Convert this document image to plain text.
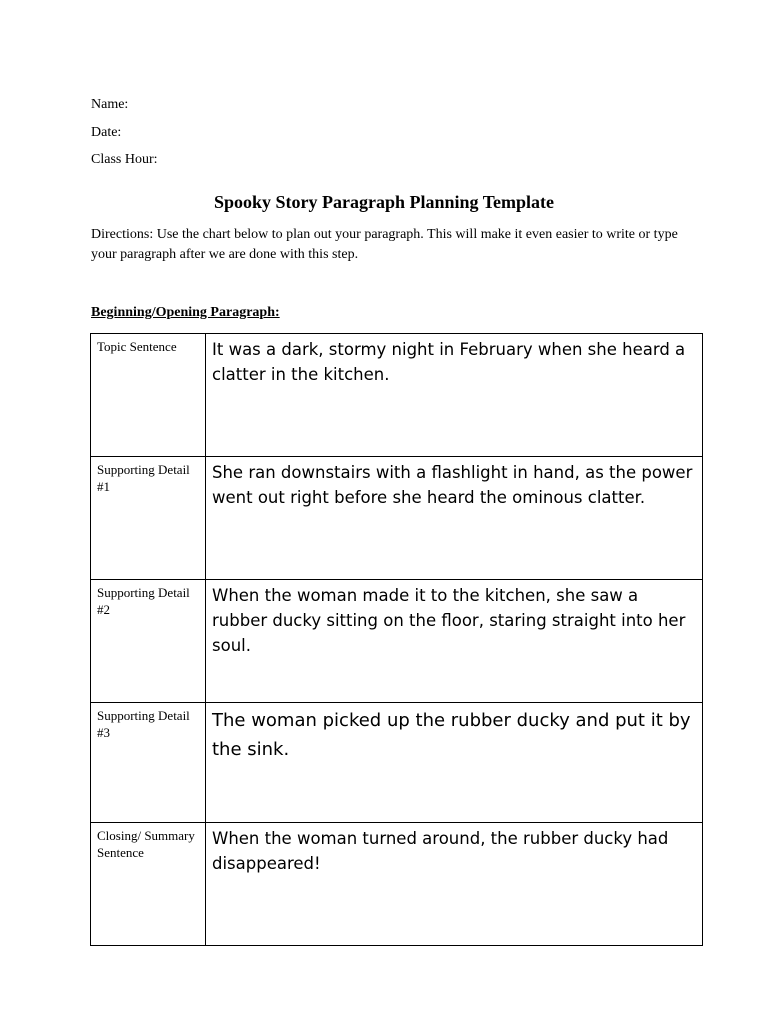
Name:
Date:
Class Hour:
Spooky Story Paragraph Planning Template
Directions: Use the chart below to plan out your paragraph. This will make it even easier to write or type your paragraph after we are done with this step.
Beginning/Opening Paragraph:
Topic Sentence	It was a dark, stormy night in February when she heard a clatter in the kitchen.
Supporting Detail #1	She ran downstairs with a flashlight in hand, as the power went out right before she heard the ominous clatter.
Supporting Detail #2	When the woman made it to the kitchen, she saw a rubber ducky sitting on the floor, staring straight into her soul.
Supporting Detail #3	The woman picked up the rubber ducky and put it by the sink.
Closing/ Summary Sentence	When the woman turned around, the rubber ducky had disappeared!
